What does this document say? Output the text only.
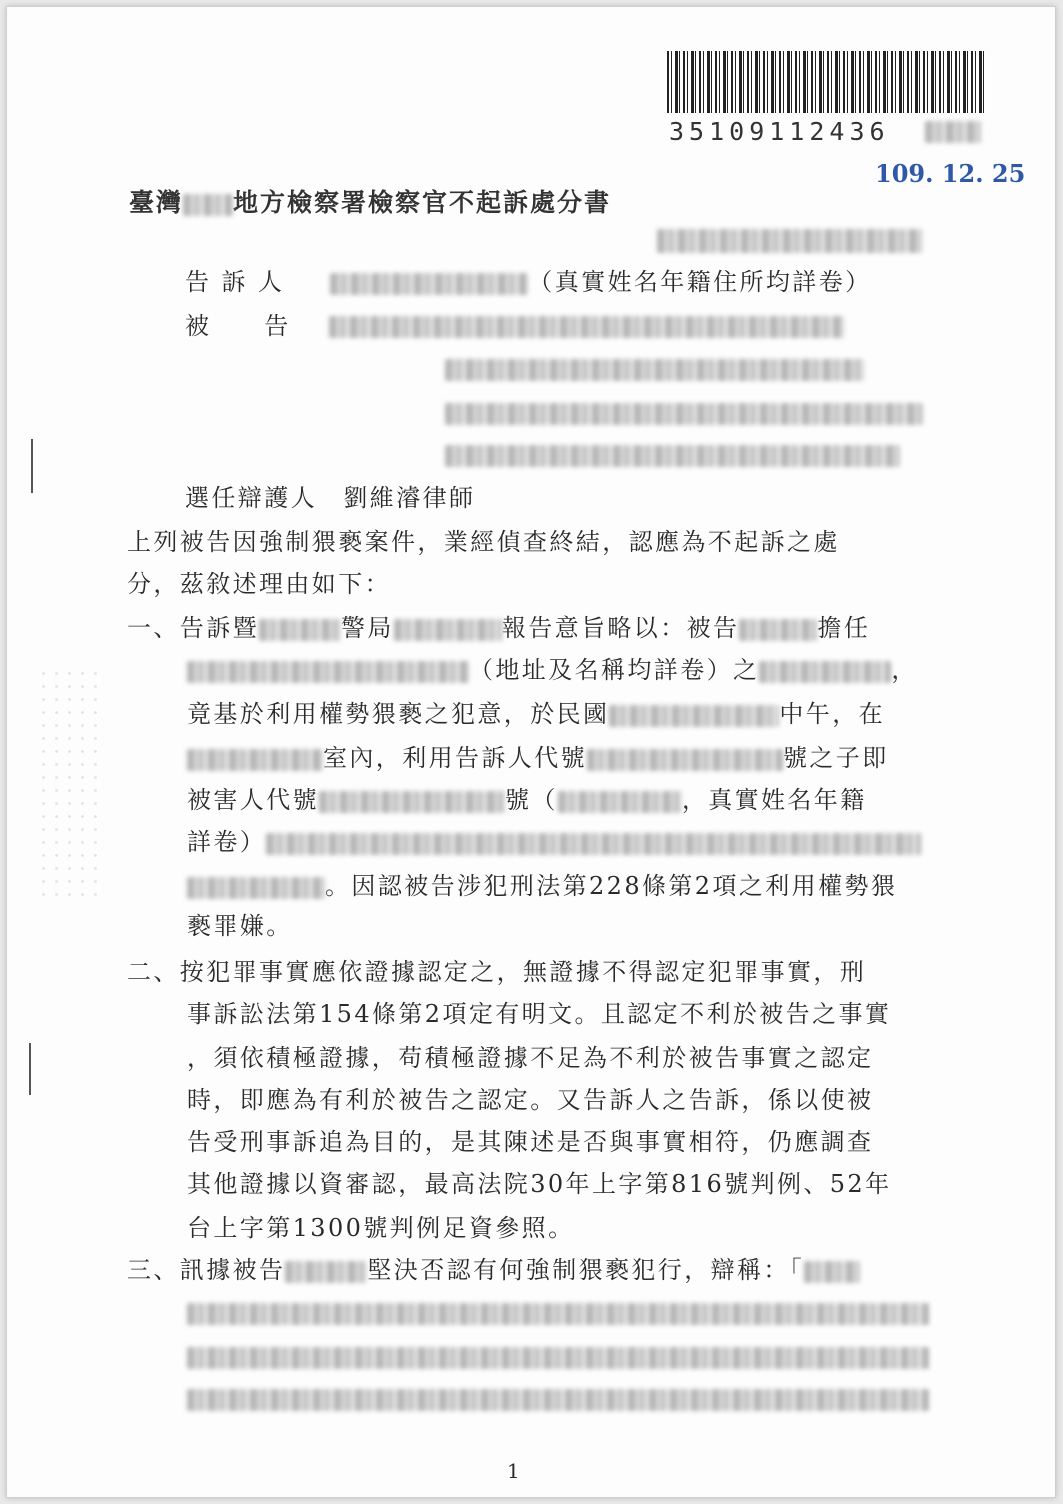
35109112436
109. 12. 25
臺灣 地方檢察署檢察官不起訴處分書
告 訴 人	（真實姓名年籍住所均詳卷）
被　　告
選任辯護人　劉維濬律師
上列被告因強制猥褻案件，業經偵查終結，認應為不起訴之處
分，茲敘述理由如下：
一、告訴暨	警局	報告意旨略以：被告	擔任
（地址及名稱均詳卷）之	，
竟基於利用權勢猥褻之犯意，於民國	中午，在
室內，利用告訴人代號	號之子即
被害人代號	號（	，真實姓名年籍
詳卷）
。因認被告涉犯刑法第228條第2項之利用權勢猥
褻罪嫌。
二、按犯罪事實應依證據認定之，無證據不得認定犯罪事實，刑
事訴訟法第154條第2項定有明文。且認定不利於被告之事實
，須依積極證據，苟積極證據不足為不利於被告事實之認定
時，即應為有利於被告之認定。又告訴人之告訴，係以使被
告受刑事訴追為目的，是其陳述是否與事實相符，仍應調查
其他證據以資審認，最高法院30年上字第816號判例、52年
台上字第1300號判例足資參照。
三、訊據被告	堅決否認有何強制猥褻犯行，辯稱：「
1
